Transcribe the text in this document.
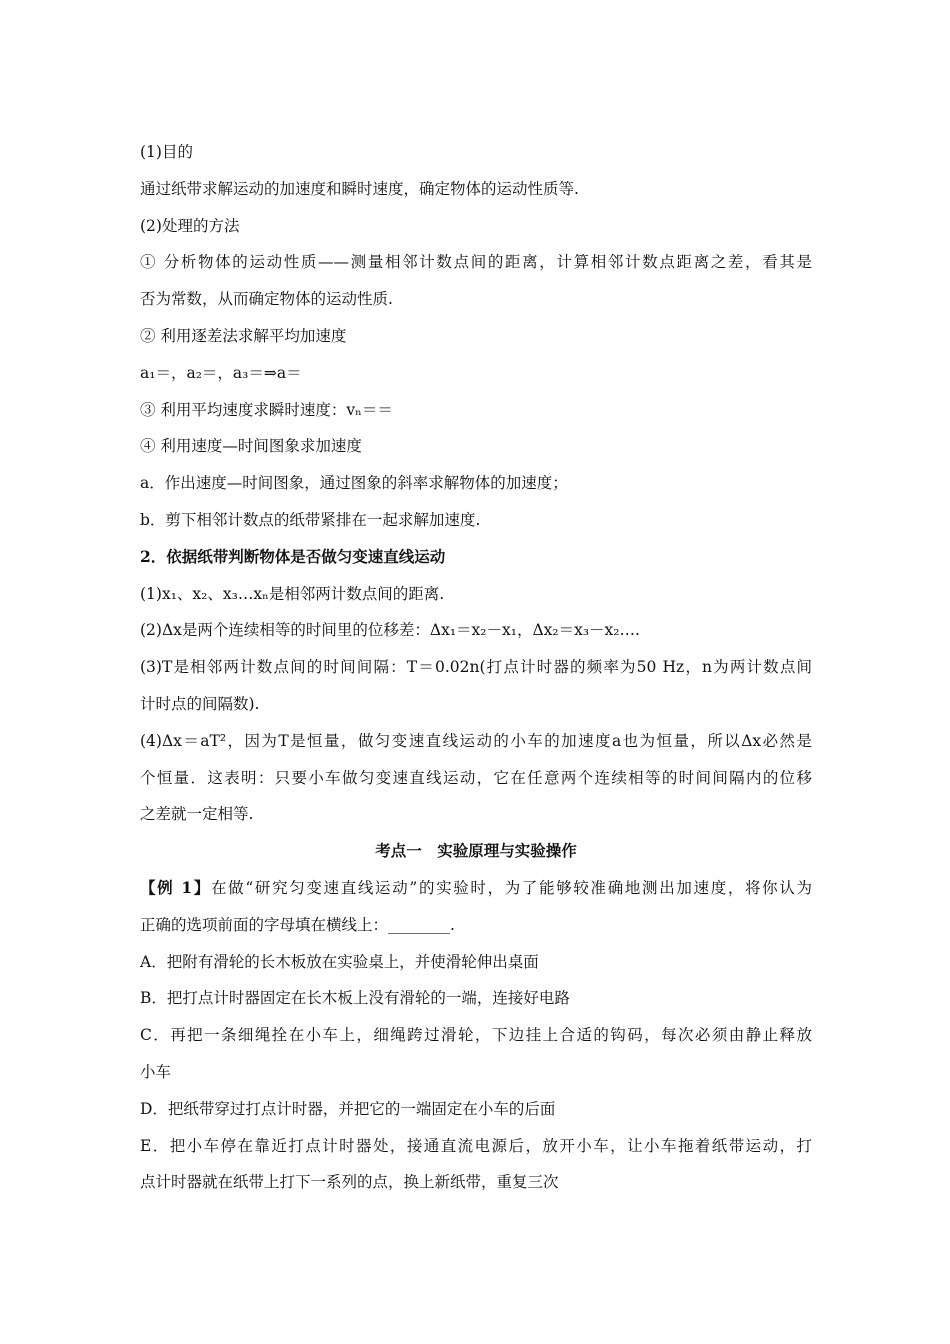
(1)目的
通过纸带求解运动的加速度和瞬时速度，确定物体的运动性质等.
(2)处理的方法
① 分析物体的运动性质——测量相邻计数点间的距离，计算相邻计数点距离之差，看其是
否为常数，从而确定物体的运动性质.
② 利用逐差法求解平均加速度
a₁＝，a₂＝，a₃＝⇒a＝
③ 利用平均速度求瞬时速度：vₙ＝＝
④ 利用速度—时间图象求加速度
a．作出速度—时间图象，通过图象的斜率求解物体的加速度；
b．剪下相邻计数点的纸带紧排在一起求解加速度.
2．依据纸带判断物体是否做匀变速直线运动
(1)x₁、x₂、x₃…xₙ是相邻两计数点间的距离.
(2)Δx是两个连续相等的时间里的位移差：Δx₁＝x₂－x₁，Δx₂＝x₃－x₂….
(3)T是相邻两计数点间的时间间隔：T＝0.02n(打点计时器的频率为50 Hz，n为两计数点间
计时点的间隔数).
(4)Δx＝aT²，因为T是恒量，做匀变速直线运动的小车的加速度a也为恒量，所以Δx必然是
个恒量．这表明：只要小车做匀变速直线运动，它在任意两个连续相等的时间间隔内的位移
之差就一定相等.
考点一　实验原理与实验操作
【例 1】在做“研究匀变速直线运动”的实验时，为了能够较准确地测出加速度，将你认为
正确的选项前面的字母填在横线上：________.
A．把附有滑轮的长木板放在实验桌上，并使滑轮伸出桌面
B．把打点计时器固定在长木板上没有滑轮的一端，连接好电路
C．再把一条细绳拴在小车上，细绳跨过滑轮，下边挂上合适的钩码，每次必须由静止释放
小车
D．把纸带穿过打点计时器，并把它的一端固定在小车的后面
E．把小车停在靠近打点计时器处，接通直流电源后，放开小车，让小车拖着纸带运动，打
点计时器就在纸带上打下一系列的点，换上新纸带，重复三次
